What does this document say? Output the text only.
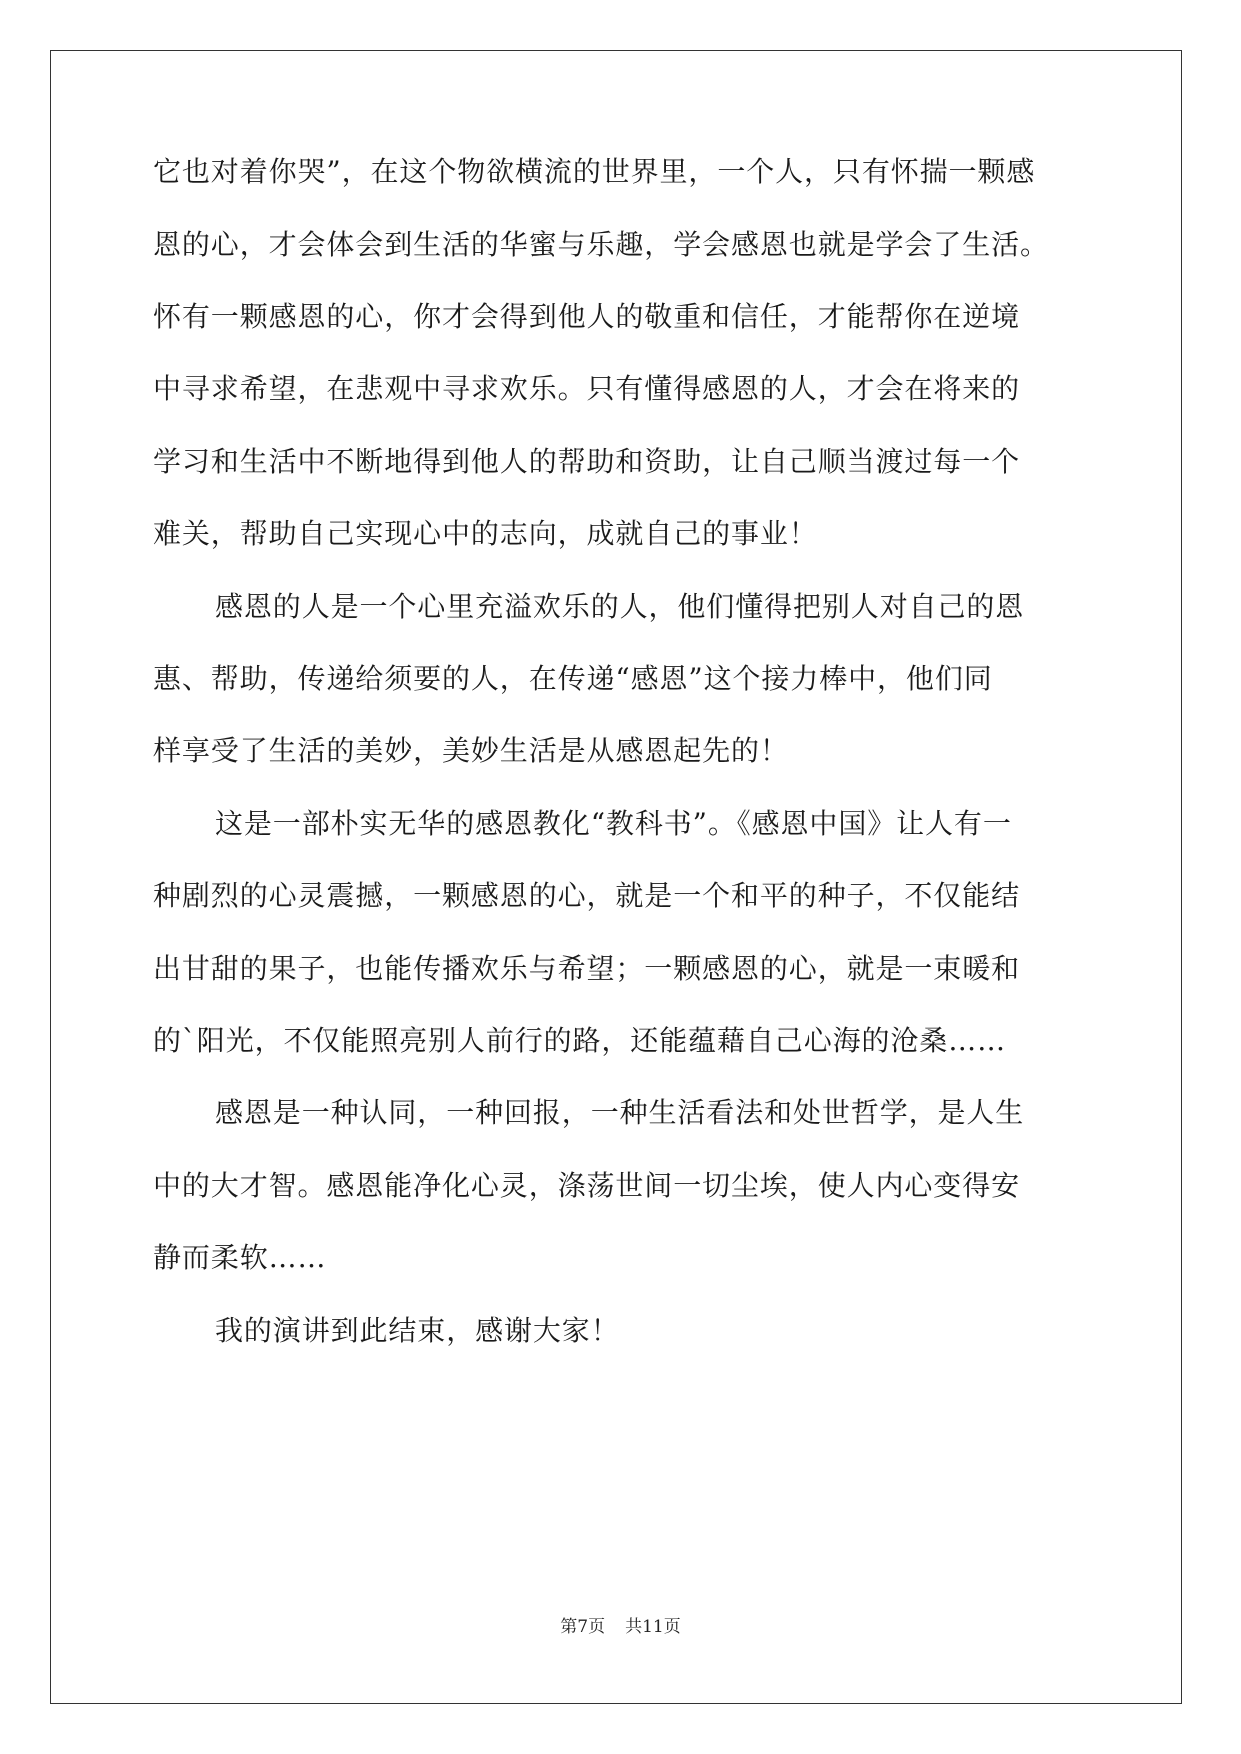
它也对着你哭”，在这个物欲横流的世界里，一个人，只有怀揣一颗感
恩的心，才会体会到生活的华蜜与乐趣，学会感恩也就是学会了生活。
怀有一颗感恩的心，你才会得到他人的敬重和信任，才能帮你在逆境
中寻求希望，在悲观中寻求欢乐。只有懂得感恩的人，才会在将来的
学习和生活中不断地得到他人的帮助和资助，让自己顺当渡过每一个
难关，帮助自己实现心中的志向，成就自己的事业！
感恩的人是一个心里充溢欢乐的人，他们懂得把别人对自己的恩
惠、帮助，传递给须要的人，在传递“感恩”这个接力棒中，他们同
样享受了生活的美妙，美妙生活是从感恩起先的！
这是一部朴实无华的感恩教化“教科书”。《感恩中国》让人有一
种剧烈的心灵震撼，一颗感恩的心，就是一个和平的种子，不仅能结
出甘甜的果子，也能传播欢乐与希望；一颗感恩的心，就是一束暖和
的`阳光，不仅能照亮别人前行的路，还能蕴藉自己心海的沧桑……
感恩是一种认同，一种回报，一种生活看法和处世哲学，是人生
中的大才智。感恩能净化心灵，涤荡世间一切尘埃，使人内心变得安
静而柔软……
我的演讲到此结束，感谢大家！
第7页 共11页
